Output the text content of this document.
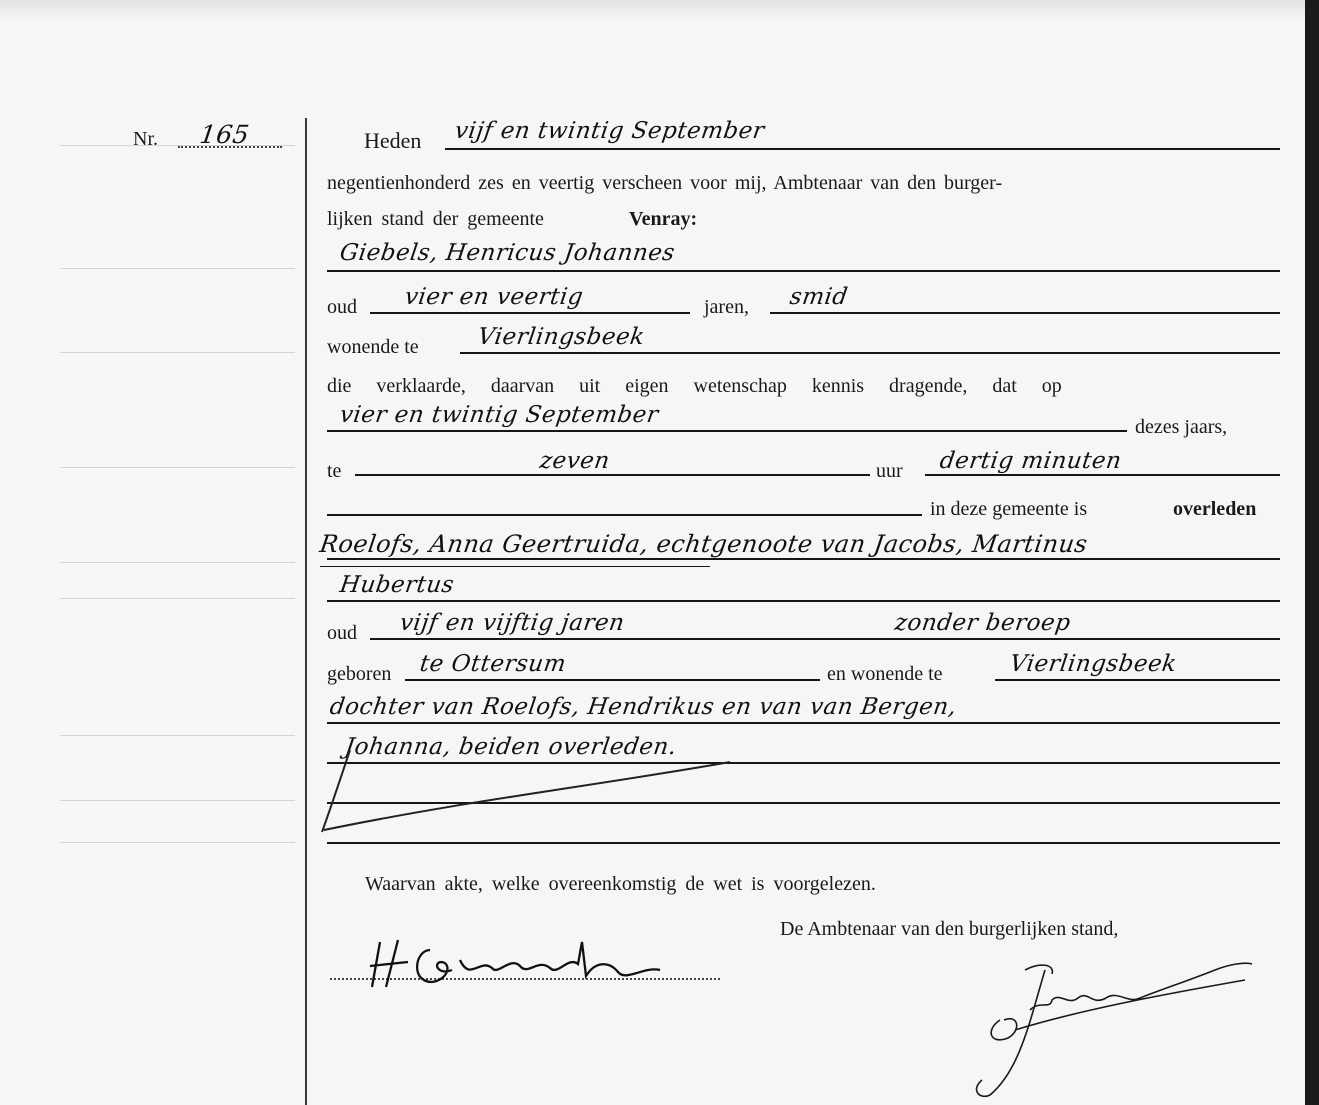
Nr. 165	Heden vijf en twintig September
negentienhonderd zes en veertig verscheen voor mij, Ambtenaar van den burger-
lijken stand der gemeente	Venray:
Giebels, Henricus Johannes
oud vier en veertig	jaren, smid
wonende te	Vierlingsbeek
die verklaarde, daarvan uit eigen wetenschap kennis dragende, dat op
vier en twintig September	dezes jaars,
te	zeven	uur dertig minuten
in deze gemeente is	overleden
Roelofs, Anna Geertruida, echtgenoote van Jacobs, Martinus
Hubertus
oud vijf en vijftig jaren	zonder beroep
geboren te Ottersum	en wonende te	Vierlingsbeek
dochter van Roelofs, Hendrikus en van van Bergen,
Johanna, beiden overleden.
Waarvan akte, welke overeenkomstig de wet is voorgelezen.
De Ambtenaar van den burgerlijken stand,
